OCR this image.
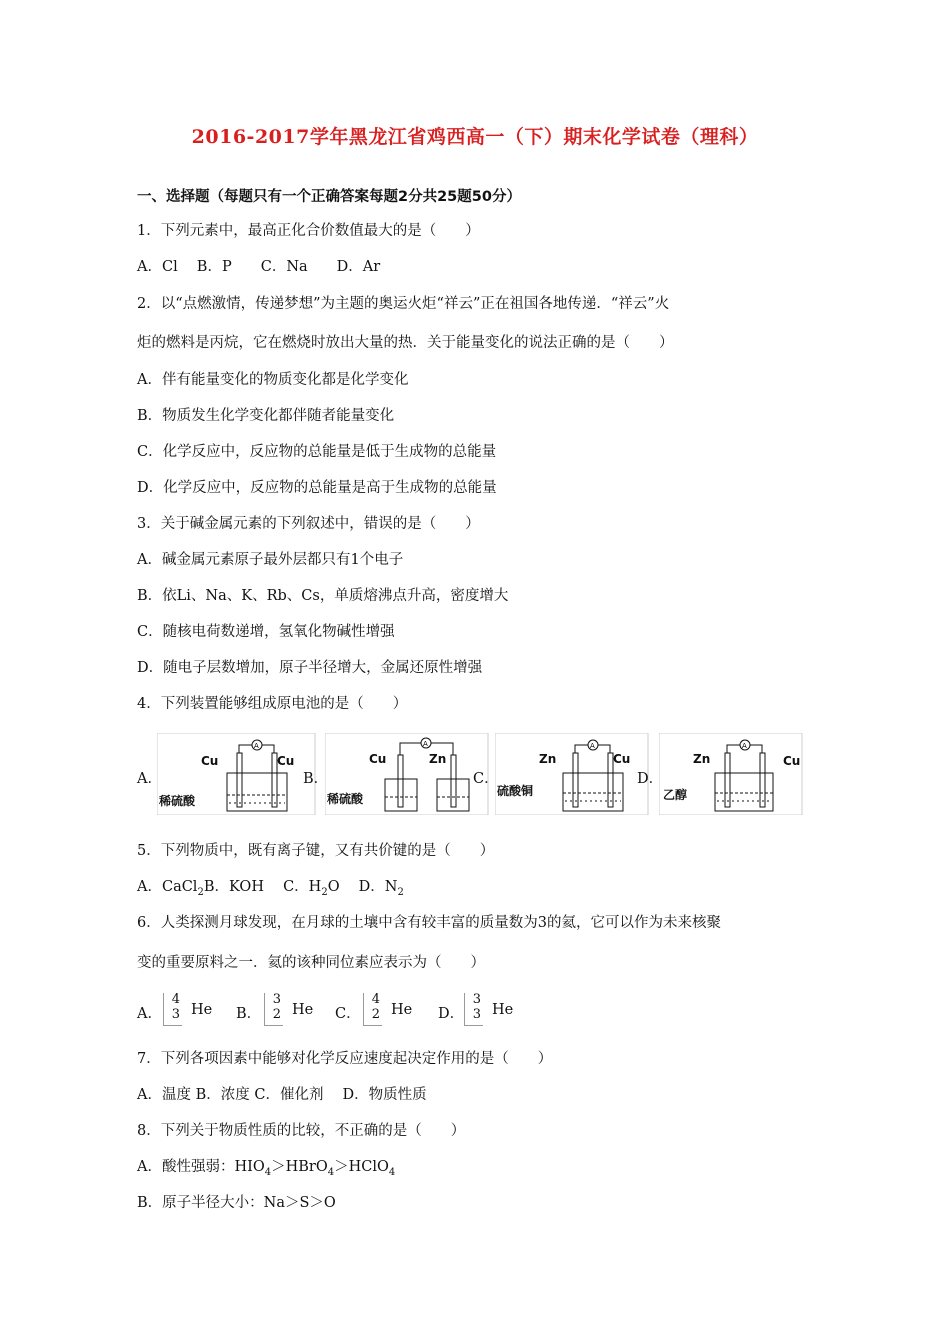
2016-2017学年黑龙江省鸡西高一（下）期末化学试卷（理科）
一、选择题（每题只有一个正确答案每题2分共25题50分）
1．下列元素中，最高正化合价数值最大的是（　　）
A．Cl　 B．P　　C．Na　　D．Ar
2．以“点燃激情，传递梦想”为主题的奥运火炬“祥云”正在祖国各地传递．“祥云”火
炬的燃料是丙烷，它在燃烧时放出大量的热．关于能量变化的说法正确的是（　　）
A．伴有能量变化的物质变化都是化学变化
B．物质发生化学变化都伴随者能量变化
C．化学反应中，反应物的总能量是低于生成物的总能量
D．化学反应中，反应物的总能量是高于生成物的总能量
3．关于碱金属元素的下列叙述中，错误的是（　　）
A．碱金属元素原子最外层都只有1个电子
B．依Li、Na、K、Rb、Cs，单质熔沸点升高，密度增大
C．随核电荷数递增，氢氧化物碱性增强
D．随电子层数增加，原子半径增大，金属还原性增强
4．下列装置能够组成原电池的是（　　）
A．
Cu	Cu
稀硫酸
A
B．
Cu	Zn
稀硫酸
A
C．
Zn	Cu
硫酸铜
A
D．
Zn	Cu
乙醇
A
5．下列物质中，既有离子键，又有共价键的是（　　）
A．CaCl$_2$B．KOH　 C．$H_2O$　 D．$N_2$
6．人类探测月球发现，在月球的土壤中含有较丰富的质量数为3的氦，它可以作为未来核聚
变的重要原料之一．氦的该种同位素应表示为（　　）
A．
4
3 He B．
3
2 He C．
4
2 He D．
3
3 He
7．下列各项因素中能够对化学反应速度起决定作用的是（　　）
A．温度 B．浓度 C．催化剂　 D．物质性质
8．下列关于物质性质的比较，不正确的是（　　）
A．酸性强弱：$HIO_4>HBrO_4>HClO_4$
B．原子半径大小：Na＞S＞O
